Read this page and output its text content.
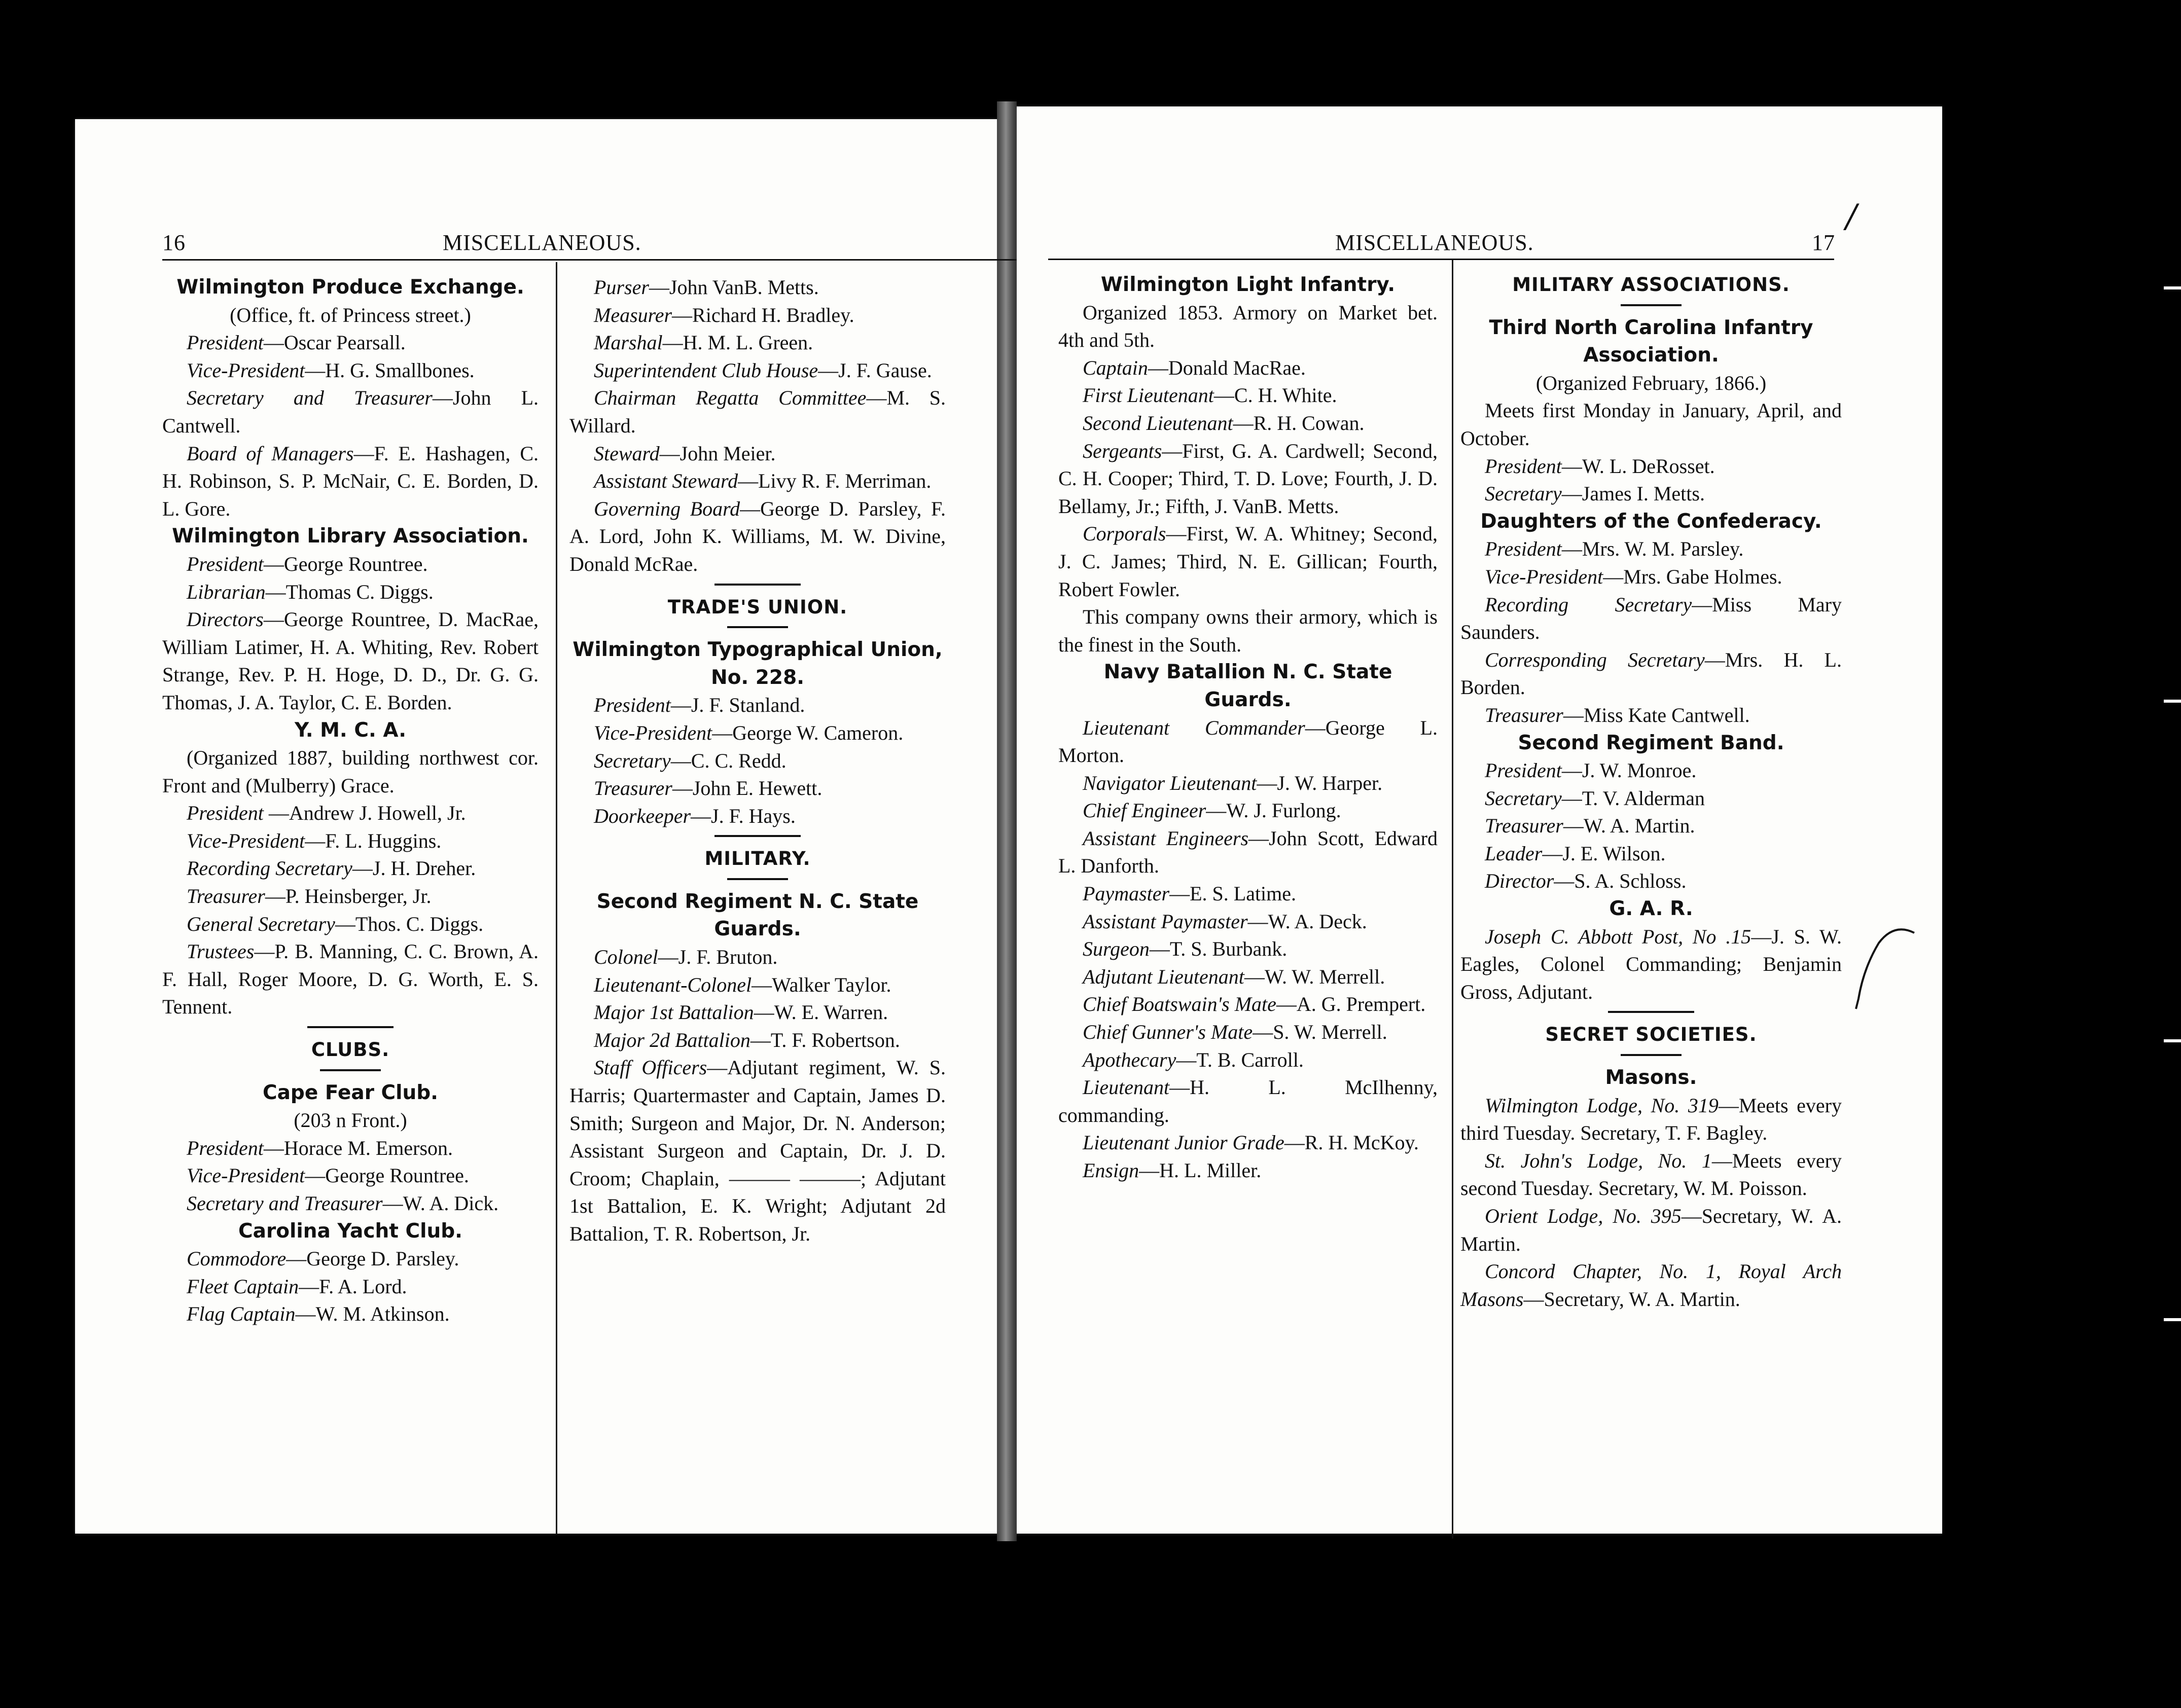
16	MISCELLANEOUS.

Wilmington Produce Exchange.

(Office, ft. of Princess street.)

President—Oscar Pearsall.

Vice-President—H. G. Smallbones.

Secretary and Treasurer—John L. Cantwell.

Board of Managers—F. E. Hashagen, C. H. Robinson, S. P. McNair, C. E. Borden, D. L. Gore.

Wilmington Library Association.

President—George Rountree.

Librarian—Thomas C. Diggs.

Directors—George Rountree, D. MacRae, William Latimer, H. A. Whiting, Rev. Robert Strange, Rev. P. H. Hoge, D. D., Dr. G. G. Thomas, J. A. Taylor, C. E. Borden.

Y. M. C. A.

(Organized 1887, building northwest cor. Front and (Mulberry) Grace.

President —Andrew J. Howell, Jr.

Vice-President—F. L. Huggins.

Recording Secretary—J. H. Dreher.

Treasurer—P. Heinsberger, Jr.

General Secretary—Thos. C. Diggs.

Trustees—P. B. Manning, C. C. Brown, A. F. Hall, Roger Moore, D. G. Worth, E. S. Tennent.

CLUBS.

Cape Fear Club.

(203 n Front.)

President—Horace M. Emerson.

Vice-President—George Rountree.

Secretary and Treasurer—W. A. Dick.

Carolina Yacht Club.

Commodore—George D. Parsley.

Fleet Captain—F. A. Lord.

Flag Captain—W. M. Atkinson.

Purser—John VanB. Metts.

Measurer—Richard H. Bradley.

Marshal—H. M. L. Green.

Superintendent Club House—J. F. Gause.

Chairman Regatta Committee—M. S. Willard.

Steward—John Meier.

Assistant Steward—Livy R. F. Merriman.

Governing Board—George D. Parsley, F. A. Lord, John K. Williams, M. W. Divine, Donald McRae.

TRADE'S UNION.

Wilmington Typographical Union, No. 228.

President—J. F. Stanland.

Vice-President—George W. Cameron.

Secretary—C. C. Redd.

Treasurer—John E. Hewett.

Doorkeeper—J. F. Hays.

MILITARY.

Second Regiment N. C. State Guards.

Colonel—J. F. Bruton.

Lieutenant-Colonel—Walker Taylor.

Major 1st Battalion—W. E. Warren.

Major 2d Battalion—T. F. Robertson.

Staff Officers—Adjutant regiment, W. S. Harris; Quartermaster and Captain, James D. Smith; Surgeon and Major, Dr. N. Anderson; Assistant Surgeon and Captain, Dr. J. D. Croom; Chaplain, ——— ———; Adjutant 1st Battalion, E. K. Wright; Adjutant 2d Battalion, T. R. Robertson, Jr.

MISCELLANEOUS.	17
/

Wilmington Light Infantry.

Organized 1853. Armory on Market bet. 4th and 5th.

Captain—Donald MacRae.

First Lieutenant—C. H. White.

Second Lieutenant—R. H. Cowan.

Sergeants—First, G. A. Cardwell; Second, C. H. Cooper; Third, T. D. Love; Fourth, J. D. Bellamy, Jr.; Fifth, J. VanB. Metts.

Corporals—First, W. A. Whitney; Second, J. C. James; Third, N. E. Gillican; Fourth, Robert Fowler.

This company owns their armory, which is the finest in the South.

Navy Batallion N. C. State Guards.

Lieutenant Commander—George L. Morton.

Navigator Lieutenant—J. W. Harper.

Chief Engineer—W. J. Furlong.

Assistant Engineers—John Scott, Edward L. Danforth.

Paymaster—E. S. Latime.

Assistant Paymaster—W. A. Deck.

Surgeon—T. S. Burbank.

Adjutant Lieutenant—W. W. Merrell.

Chief Boatswain's Mate—A. G. Prempert.

Chief Gunner's Mate—S. W. Merrell.

Apothecary—T. B. Carroll.

Lieutenant—H. L. McIlhenny, commanding.

Lieutenant Junior Grade—R. H. McKoy.

Ensign—H. L. Miller.

MILITARY ASSOCIATIONS.

Third North Carolina Infantry Association.

(Organized February, 1866.)

Meets first Monday in January, April, and October.

President—W. L. DeRosset.

Secretary—James I. Metts.

Daughters of the Confederacy.

President—Mrs. W. M. Parsley.

Vice-President—Mrs. Gabe Holmes.

Recording Secretary—Miss Mary Saunders.

Corresponding Secretary—Mrs. H. L. Borden.

Treasurer—Miss Kate Cantwell.

Second Regiment Band.

President—J. W. Monroe.

Secretary—T. V. Alderman

Treasurer—W. A. Martin.

Leader—J. E. Wilson.

Director—S. A. Schloss.

G. A. R.

Joseph C. Abbott Post, No .15—J. S. W. Eagles, Colonel Commanding; Benjamin Gross, Adjutant.

SECRET SOCIETIES.

Masons.

Wilmington Lodge, No. 319—Meets every third Tuesday. Secretary, T. F. Bagley.

St. John's Lodge, No. 1—Meets every second Tuesday. Secretary, W. M. Poisson.

Orient Lodge, No. 395—Secretary, W. A. Martin.

Concord Chapter, No. 1, Royal Arch Masons—Secretary, W. A. Martin.
